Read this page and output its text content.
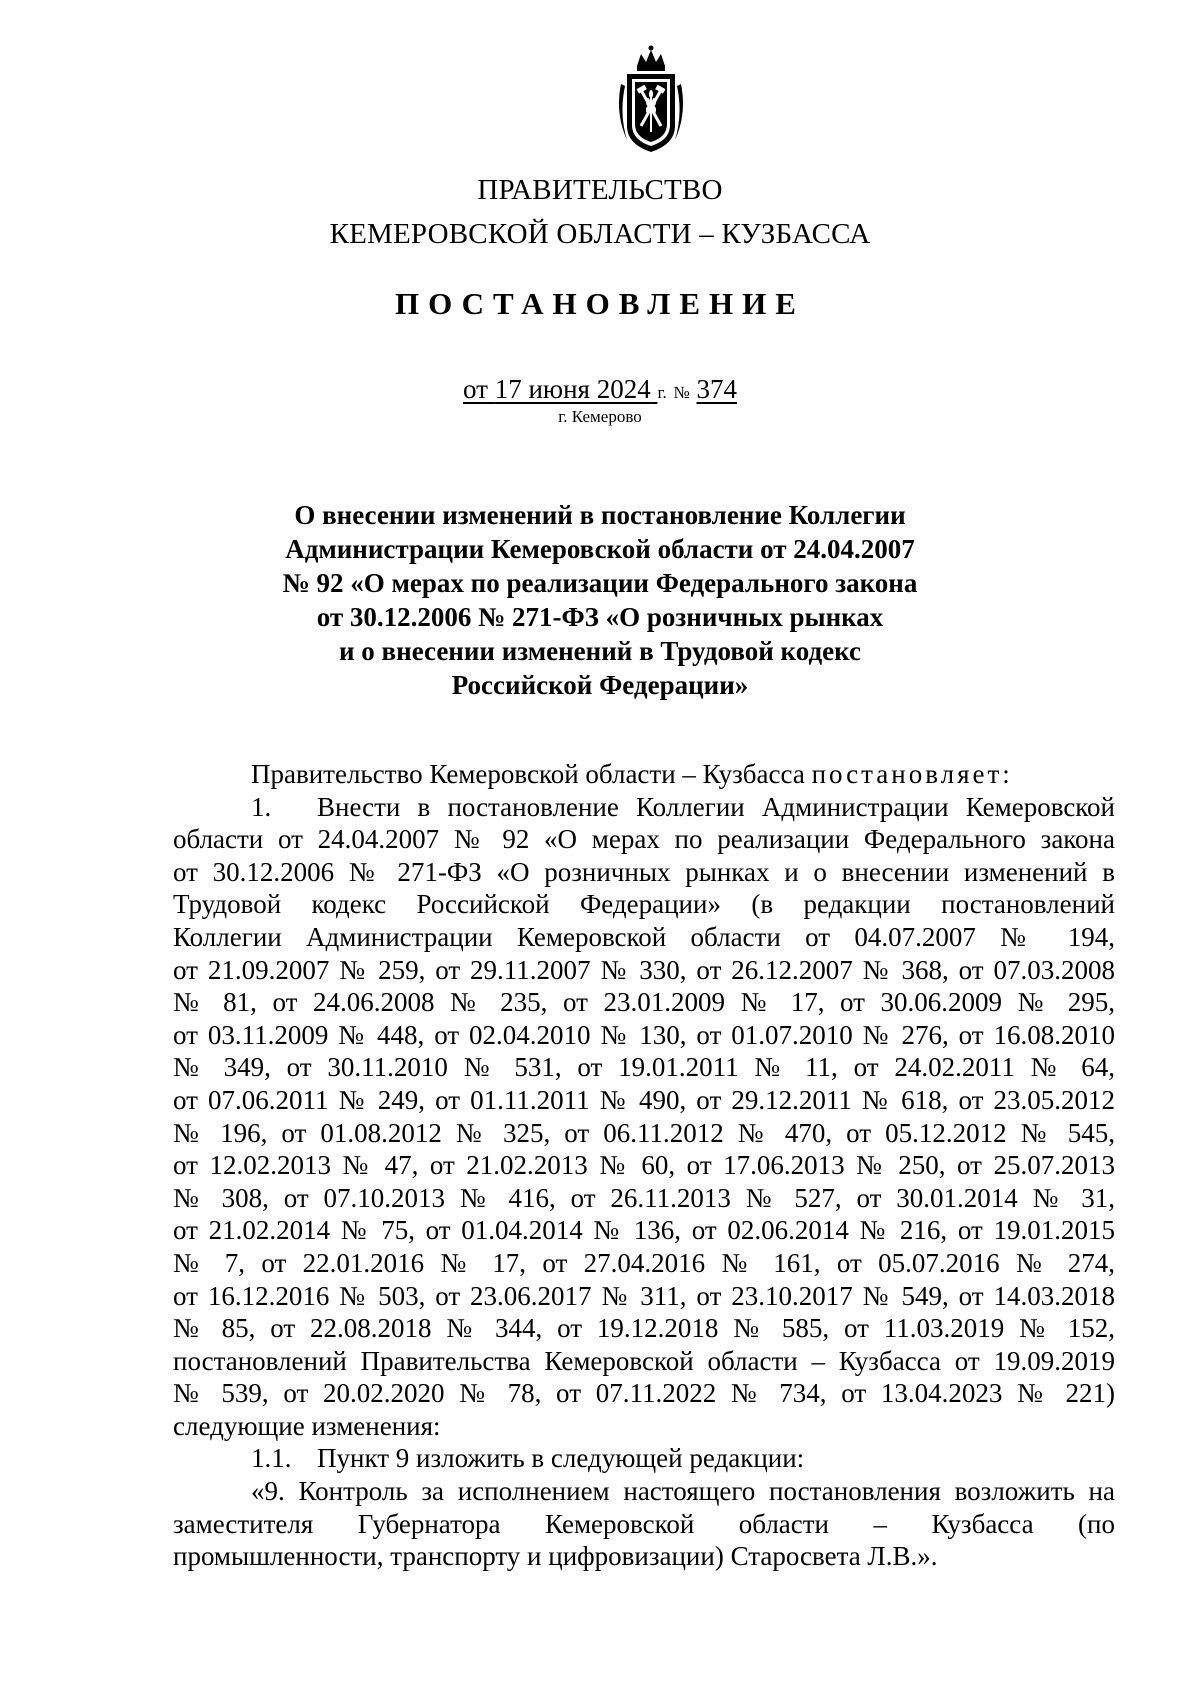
ПРАВИТЕЛЬСТВО
КЕМЕРОВСКОЙ ОБЛАСТИ – КУЗБАССА
ПОСТАНОВЛЕНИЕ
от 17 июня 2024 г. № 374
г. Кемерово
О внесении изменений в постановление Коллегии
Администрации Кемеровской области от 24.04.2007
№ 92 «О мерах по реализации Федерального закона
от 30.12.2006 № 271-ФЗ «О розничных рынках
и о внесении изменений в Трудовой кодекс
Российской Федерации»
Правительство Кемеровской области – Кузбасса постановляет:
1. Внести в постановление Коллегии Администрации Кемеровской
области от 24.04.2007 № 92 «О мерах по реализации Федерального закона
от 30.12.2006 № 271-ФЗ «О розничных рынках и о внесении изменений в
Трудовой кодекс Российской Федерации» (в редакции постановлений
Коллегии Администрации Кемеровской области от 04.07.2007 № 194,
от 21.09.2007 № 259, от 29.11.2007 № 330, от 26.12.2007 № 368, от 07.03.2008
№ 81, от 24.06.2008 № 235, от 23.01.2009 № 17, от 30.06.2009 № 295,
от 03.11.2009 № 448, от 02.04.2010 № 130, от 01.07.2010 № 276, от 16.08.2010
№ 349, от 30.11.2010 № 531, от 19.01.2011 № 11, от 24.02.2011 № 64,
от 07.06.2011 № 249, от 01.11.2011 № 490, от 29.12.2011 № 618, от 23.05.2012
№ 196, от 01.08.2012 № 325, от 06.11.2012 № 470, от 05.12.2012 № 545,
от 12.02.2013 № 47, от 21.02.2013 № 60, от 17.06.2013 № 250, от 25.07.2013
№ 308, от 07.10.2013 № 416, от 26.11.2013 № 527, от 30.01.2014 № 31,
от 21.02.2014 № 75, от 01.04.2014 № 136, от 02.06.2014 № 216, от 19.01.2015
№ 7, от 22.01.2016 № 17, от 27.04.2016 № 161, от 05.07.2016 № 274,
от 16.12.2016 № 503, от 23.06.2017 № 311, от 23.10.2017 № 549, от 14.03.2018
№ 85, от 22.08.2018 № 344, от 19.12.2018 № 585, от 11.03.2019 № 152,
постановлений Правительства Кемеровской области – Кузбасса от 19.09.2019
№ 539, от 20.02.2020 № 78, от 07.11.2022 № 734, от 13.04.2023 № 221)
следующие изменения:
1.1. Пункт 9 изложить в следующей редакции:
«9. Контроль за исполнением настоящего постановления возложить на
заместителя Губернатора Кемеровской области – Кузбасса (по
промышленности, транспорту и цифровизации) Старосвета Л.В.».
